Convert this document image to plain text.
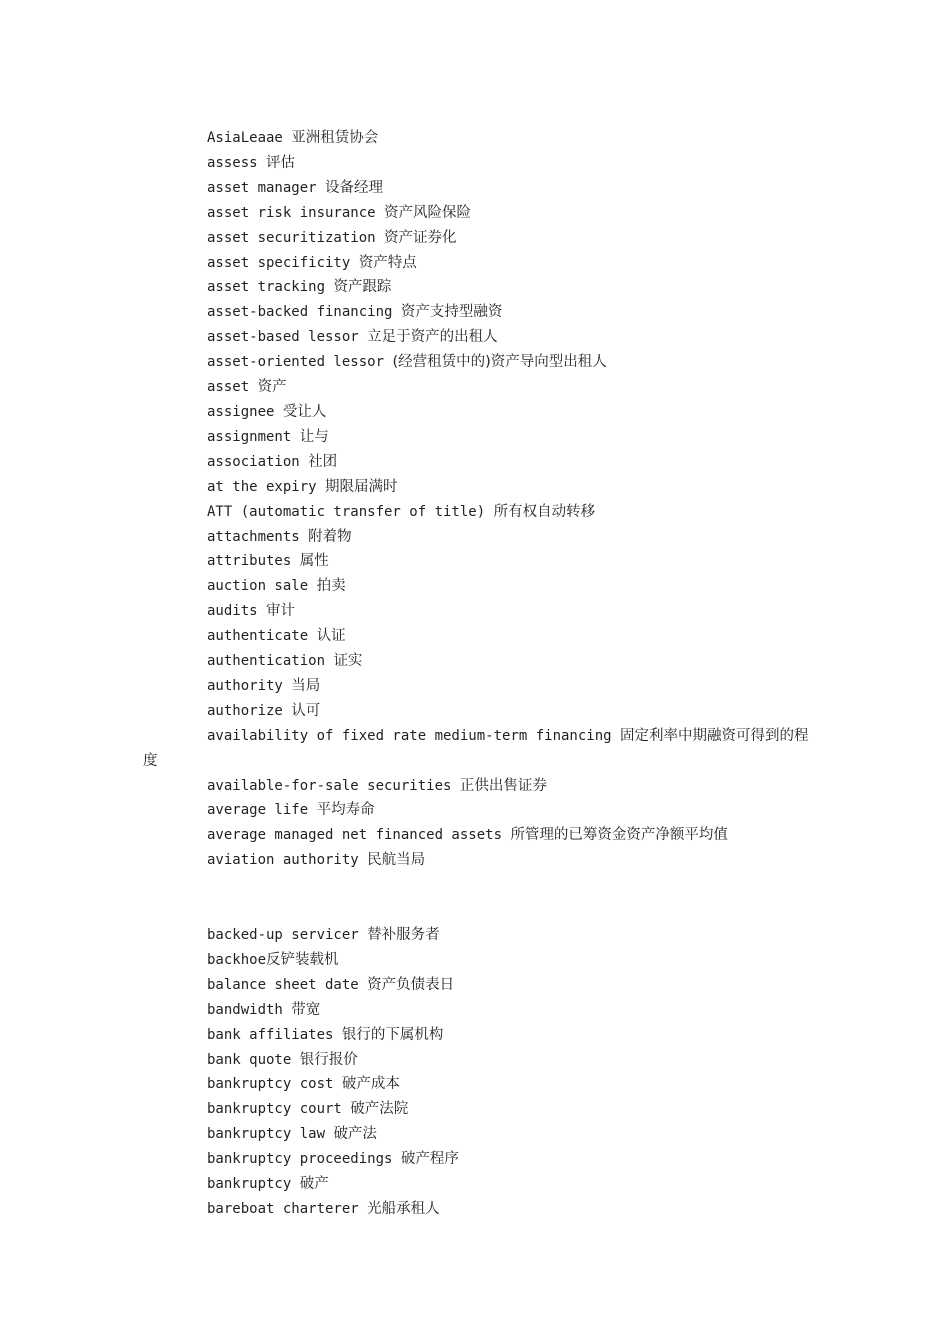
AsiaLeaae 亚洲租赁协会
assess 评估
asset manager 设备经理
asset risk insurance 资产风险保险
asset securitization 资产证券化
asset specificity 资产特点
asset tracking 资产跟踪
asset-backed financing 资产支持型融资
asset-based lessor 立足于资产的出租人
asset-oriented lessor (经营租赁中的)资产导向型出租人
asset 资产
assignee 受让人
assignment 让与
association 社团
at the expiry 期限届满时
ATT (automatic transfer of title) 所有权自动转移
attachments 附着物
attributes 属性
auction sale 拍卖
audits 审计
authenticate 认证
authentication 证实
authority 当局
authorize 认可
availability of fixed rate medium-term financing 固定利率中期融资可得到的程
度
available-for-sale securities 正供出售证券
average life 平均寿命
average managed net financed assets 所管理的已筹资金资产净额平均值
aviation authority 民航当局
backed-up servicer 替补服务者
backhoe反铲装载机
balance sheet date 资产负债表日
bandwidth 带宽
bank affiliates 银行的下属机构
bank quote 银行报价
bankruptcy cost 破产成本
bankruptcy court 破产法院
bankruptcy law 破产法
bankruptcy proceedings 破产程序
bankruptcy 破产
bareboat charterer 光船承租人
